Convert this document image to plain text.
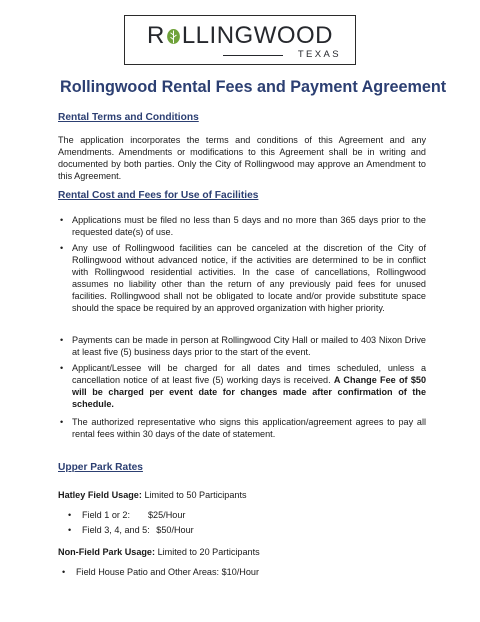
R LLINGWOOD
TEXAS
Rollingwood Rental Fees and Payment Agreement
Rental Terms and Conditions
The application incorporates the terms and conditions of this Agreement and any Amendments. Amendments or modifications to this Agreement shall be in writing and documented by both parties. Only the City of Rollingwood may approve an Amendment to this Agreement.
Rental Cost and Fees for Use of Facilities
• Applications must be filed no less than 5 days and no more than 365 days prior to the requested date(s) of use.
• Any use of Rollingwood facilities can be canceled at the discretion of the City of Rollingwood without advanced notice, if the activities are determined to be in conflict with Rollingwood residential activities. In the case of cancellations, Rollingwood assumes no liability other than the return of any previously paid fees for unused facilities. Rollingwood shall not be obligated to locate and/or provide substitute space should the space be required by an approved organization with higher priority.
• Payments can be made in person at Rollingwood City Hall or mailed to 403 Nixon Drive at least five (5) business days prior to the start of the event.
• Applicant/Lessee will be charged for all dates and times scheduled, unless a cancellation notice of at least five (5) working days is received. A Change Fee of $50 will be charged per event date for changes made after confirmation of the schedule.
• The authorized representative who signs this application/agreement agrees to pay all rental fees within 30 days of the date of statement.
Upper Park Rates
Hatley Field Usage: Limited to 50 Participants
• Field 1 or 2: $25/Hour
• Field 3, 4, and 5: $50/Hour
Non-Field Park Usage: Limited to 20 Participants
• Field House Patio and Other Areas: $10/Hour
